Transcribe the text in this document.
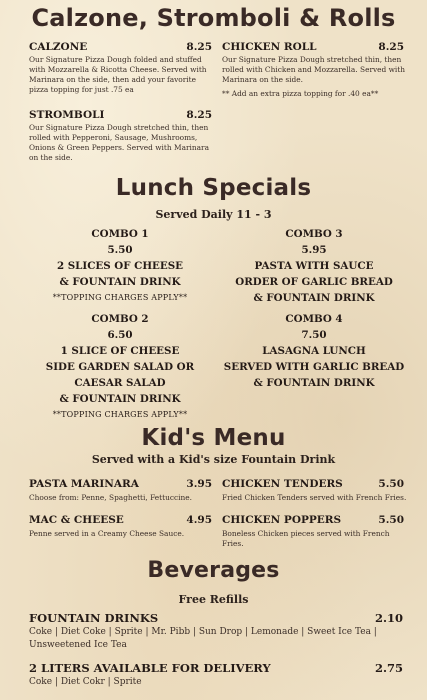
Calzone, Stromboli & Rolls
CALZONE	8.25
Our Signature Pizza Dough folded and stuffed with Mozzarella & Ricotta Cheese. Served with Marinara on the side, then add your favorite pizza topping for just .75 ea
CHICKEN ROLL	8.25
Our Signature Pizza Dough stretched thin, then rolled with Chicken and Mozzarella. Served with Marinara on the side.
** Add an extra pizza topping for .40 ea**
STROMBOLI	8.25
Our Signature Pizza Dough stretched thin, then rolled with Pepperoni, Sausage, Mushrooms, Onions & Green Peppers. Served with Marinara on the side.
Lunch Specials
Served Daily 11 - 3
COMBO 1
5.50
2 SLICES OF CHEESE
& FOUNTAIN DRINK
**TOPPING CHARGES APPLY**
COMBO 3
5.95
PASTA WITH SAUCE
ORDER OF GARLIC BREAD
& FOUNTAIN DRINK
COMBO 2
6.50
1 SLICE OF CHEESE
SIDE GARDEN SALAD OR
CAESAR SALAD
& FOUNTAIN DRINK
**TOPPING CHARGES APPLY**
COMBO 4
7.50
LASAGNA LUNCH
SERVED WITH GARLIC BREAD
& FOUNTAIN DRINK
Kid's Menu
Served with a Kid's size Fountain Drink
PASTA MARINARA	3.95
Choose from: Penne, Spaghetti, Fettuccine.
CHICKEN TENDERS	5.50
Fried Chicken Tenders served with French Fries.
MAC & CHEESE	4.95
Penne served in a Creamy Cheese Sauce.
CHICKEN POPPERS	5.50
Boneless Chicken pieces served with French Fries.
Beverages
Free Refills
FOUNTAIN DRINKS	2.10
Coke | Diet Coke | Sprite | Mr. Pibb | Sun Drop | Lemonade | Sweet Ice Tea | Unsweetened Ice Tea
2 LITERS AVAILABLE FOR DELIVERY	2.75
Coke | Diet Cokr | Sprite
